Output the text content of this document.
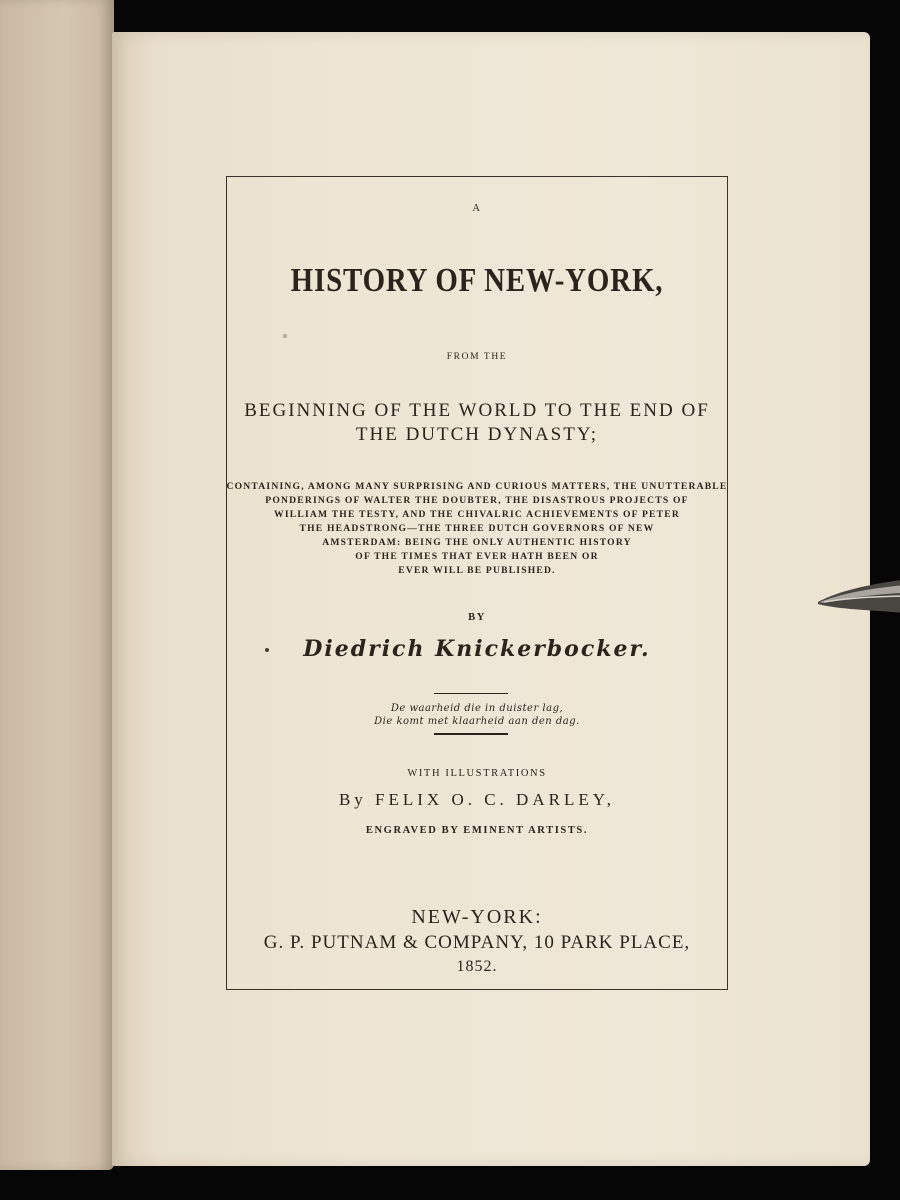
A
HISTORY OF NEW-YORK,
FROM THE
BEGINNING OF THE WORLD TO THE END OF
THE DUTCH DYNASTY;
CONTAINING, AMONG MANY SURPRISING AND CURIOUS MATTERS, THE UNUTTERABLE
PONDERINGS OF WALTER THE DOUBTER, THE DISASTROUS PROJECTS OF
WILLIAM THE TESTY, AND THE CHIVALRIC ACHIEVEMENTS OF PETER
THE HEADSTRONG—THE THREE DUTCH GOVERNORS OF NEW
AMSTERDAM: BEING THE ONLY AUTHENTIC HISTORY
OF THE TIMES THAT EVER HATH BEEN OR
EVER WILL BE PUBLISHED.
BY
Diedrich Knickerbocker.
De waarheid die in duister lag,
Die komt met klaarheid aan den dag.
WITH ILLUSTRATIONS
By FELIX O. C. DARLEY,
ENGRAVED BY EMINENT ARTISTS.
NEW-YORK:
G. P. PUTNAM & COMPANY, 10 PARK PLACE,
1852.
